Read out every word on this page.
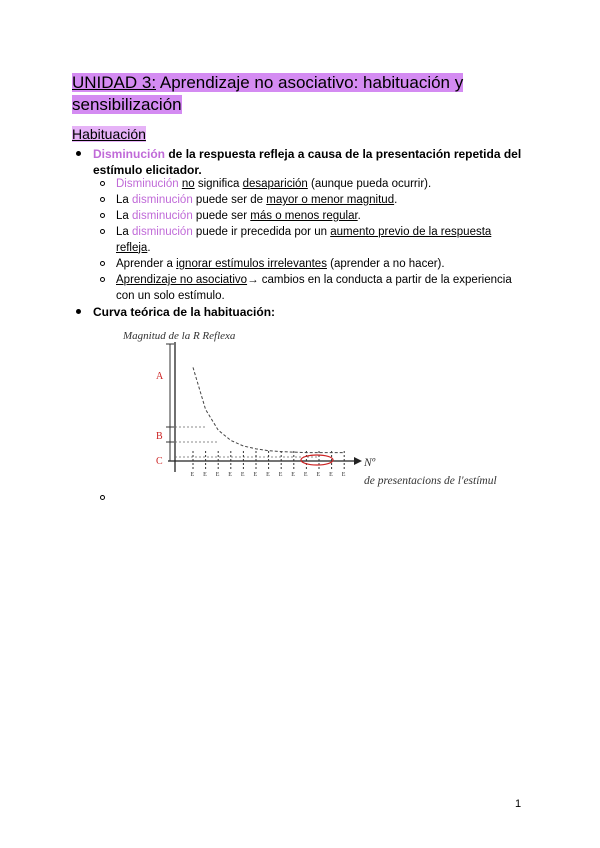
UNIDAD 3: Aprendizaje no asociativo: habituación y sensibilización
Habituación
Disminución de la respuesta refleja a causa de la presentación repetida del estímulo elicitador.
Disminución no significa desaparición (aunque pueda ocurrir).
La disminución puede ser de mayor o menor magnitud.
La disminución puede ser más o menos regular.
La disminución puede ir precedida por un aumento previo de la respuesta refleja.
Aprender a ignorar estímulos irrelevantes (aprender a no hacer).
Aprendizaje no asociativo→ cambios en la conducta a partir de la experiencia con un solo estímulo.
Curva teórica de la habituación:
Magnitud de la R Reflexa
A
B
C
E E E E E E E E E E E E E
Nº de presentacions de l'estímul
1
